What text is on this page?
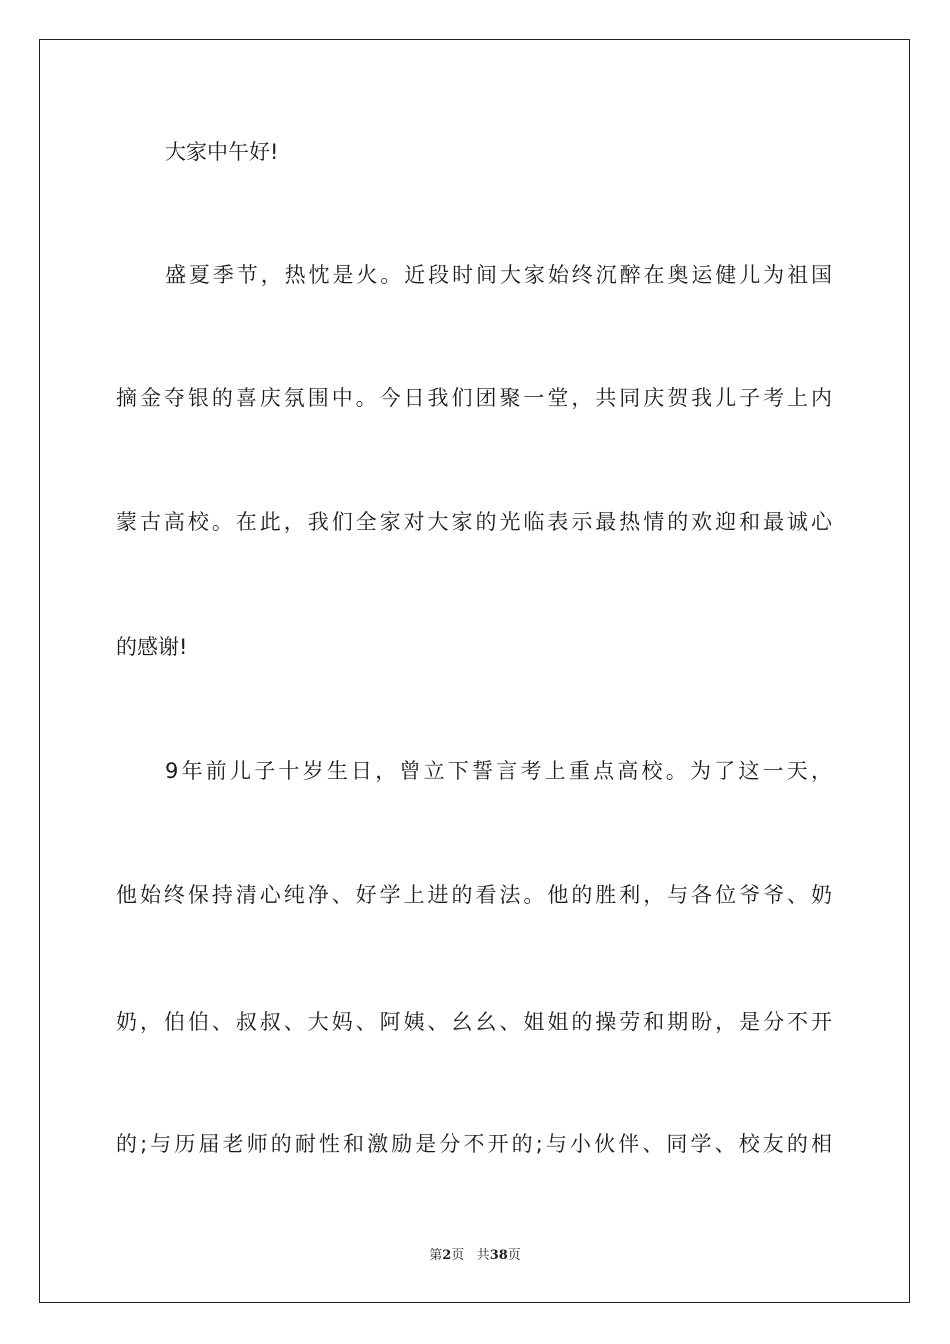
大家中午好!

盛夏季节，热忱是火。近段时间大家始终沉醉在奥运健儿为祖国

摘金夺银的喜庆氛围中。今日我们团聚一堂，共同庆贺我儿子考上内

蒙古高校。在此，我们全家对大家的光临表示最热情的欢迎和最诚心

的感谢!

9年前儿子十岁生日，曾立下誓言考上重点高校。为了这一天，

他始终保持清心纯净、好学上进的看法。他的胜利，与各位爷爷、奶

奶，伯伯、叔叔、大妈、阿姨、幺幺、姐姐的操劳和期盼，是分不开

的;与历届老师的耐性和激励是分不开的;与小伙伴、同学、校友的相

第2页 共38页
